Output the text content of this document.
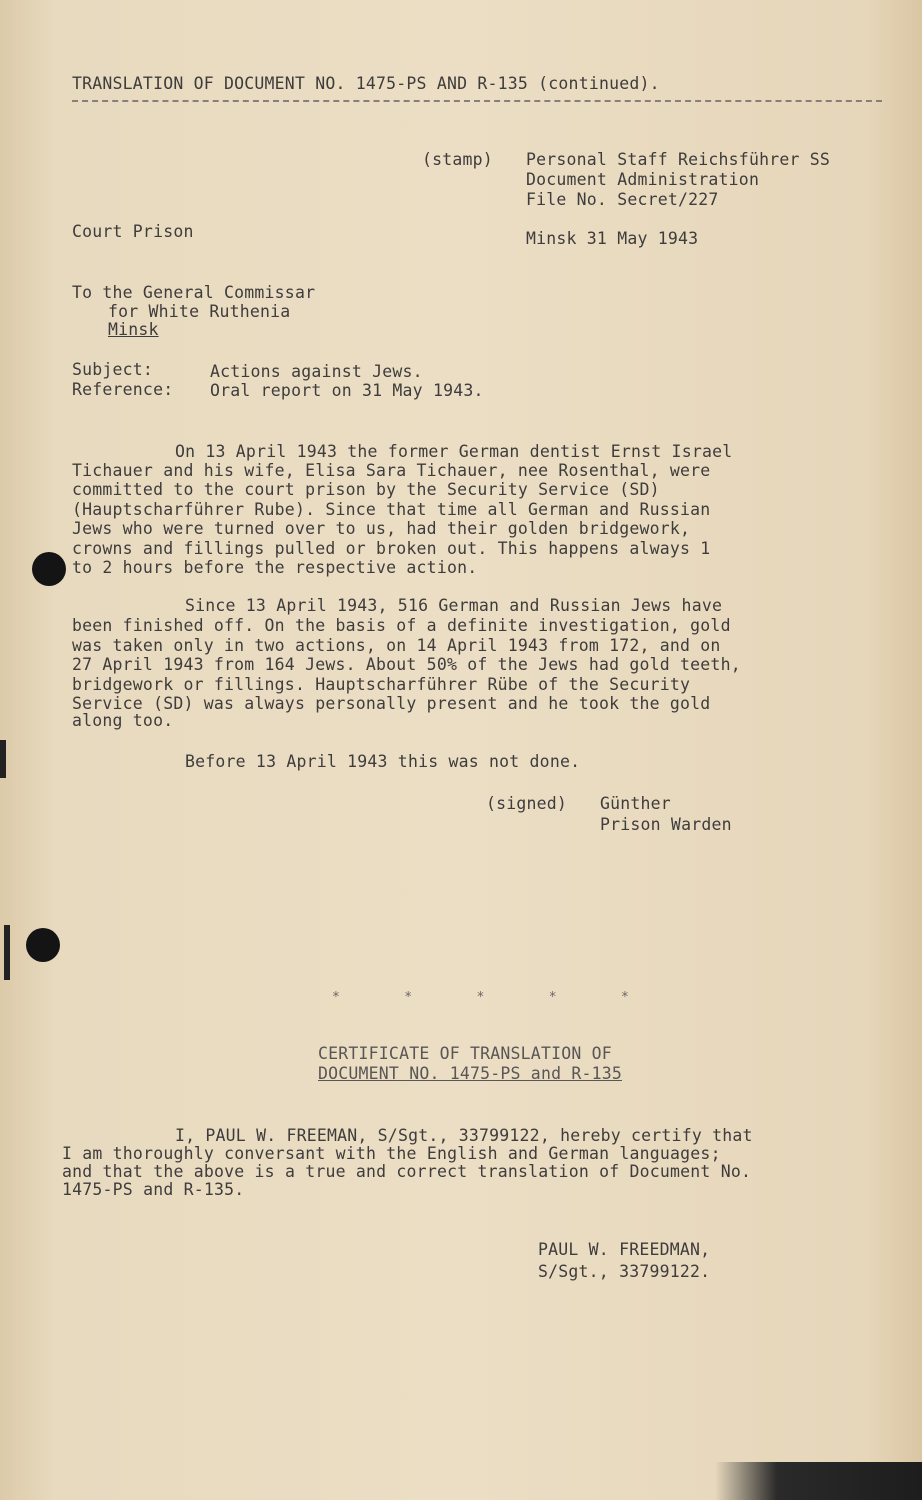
TRANSLATION OF DOCUMENT NO. 1475-PS AND R-135 (continued).
(stamp) Personal Staff Reichsführer SS
Document Administration
File No. Secret/227
Court Prison	Minsk 31 May 1943
To the General Commissar
for White Ruthenia
Minsk
Subject:	Actions against Jews.
Reference: Oral report on 31 May 1943.
On 13 April 1943 the former German dentist Ernst Israel
Tichauer and his wife, Elisa Sara Tichauer, nee Rosenthal, were
committed to the court prison by the Security Service (SD)
(Hauptscharführer Rube). Since that time all German and Russian
Jews who were turned over to us, had their golden bridgework,
crowns and fillings pulled or broken out. This happens always 1
to 2 hours before the respective action.
Since 13 April 1943, 516 German and Russian Jews have
been finished off. On the basis of a definite investigation, gold
was taken only in two actions, on 14 April 1943 from 172, and on
27 April 1943 from 164 Jews. About 50% of the Jews had gold teeth,
bridgework or fillings. Hauptscharführer Rübe of the Security
Service (SD) was always personally present and he took the gold
along too.
Before 13 April 1943 this was not done.
(signed) Günther
Prison Warden
*        *        *        *        *
CERTIFICATE OF TRANSLATION OF
DOCUMENT NO. 1475-PS and R-135
I, PAUL W. FREEMAN, S/Sgt., 33799122, hereby certify that
I am thoroughly conversant with the English and German languages;
and that the above is a true and correct translation of Document No.
1475-PS and R-135.
PAUL W. FREEDMAN,
S/Sgt., 33799122.
